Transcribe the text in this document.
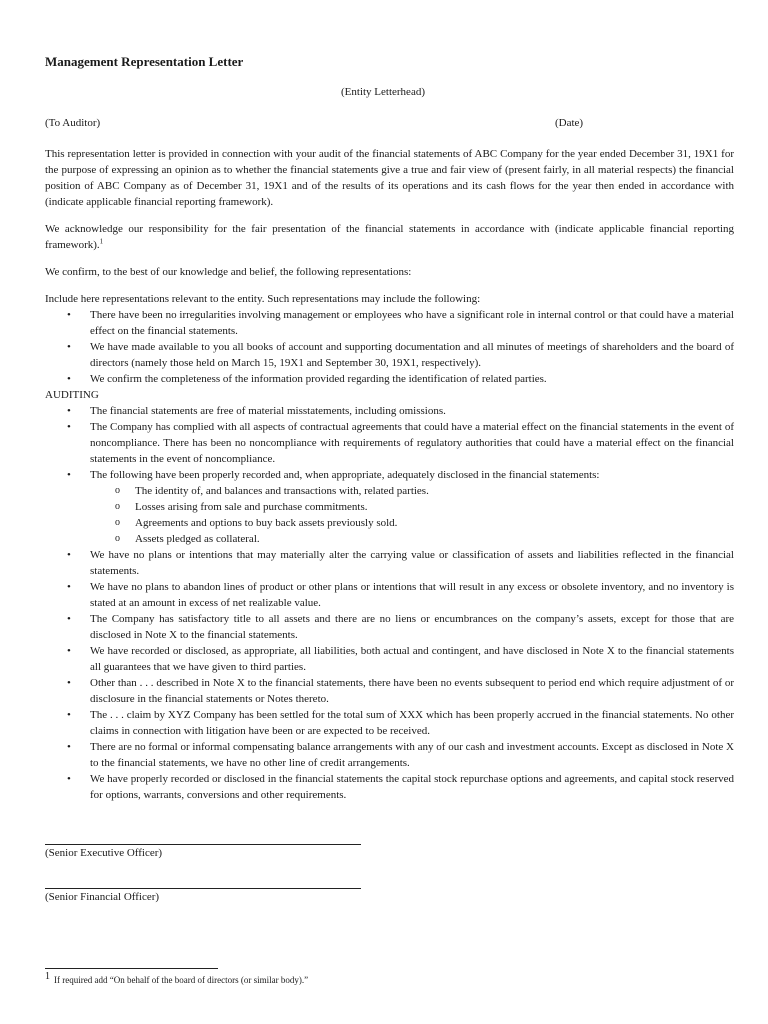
Management Representation Letter
(Entity Letterhead)
(To Auditor)	(Date)

This representation letter is provided in connection with your audit of the financial statements of ABC Company for the year ended December 31, 19X1 for the purpose of expressing an opinion as to whether the financial statements give a true and fair view of (present fairly, in all material respects) the financial position of ABC Company as of December 31, 19X1 and of the results of its operations and its cash flows for the year then ended in accordance with (indicate applicable financial reporting framework).

We acknowledge our responsibility for the fair presentation of the financial statements in accordance with (indicate applicable financial reporting framework).$^1$

We confirm, to the best of our knowledge and belief, the following representations:

Include here representations relevant to the entity. Such representations may include the following:

• There have been no irregularities involving management or employees who have a significant role in internal control or that could have a material effect on the financial statements.
• We have made available to you all books of account and supporting documentation and all minutes of meetings of shareholders and the board of directors (namely those held on March 15, 19X1 and September 30, 19X1, respectively).
• We confirm the completeness of the information provided regarding the identification of related parties.
AUDITING
• The financial statements are free of material misstatements, including omissions.
• The Company has complied with all aspects of contractual agreements that could have a material effect on the financial statements in the event of noncompliance. There has been no noncompliance with requirements of regulatory authorities that could have a material effect on the financial statements in the event of noncompliance.
• The following have been properly recorded and, when appropriate, adequately disclosed in the financial statements:
o The identity of, and balances and transactions with, related parties.
o Losses arising from sale and purchase commitments.
o Agreements and options to buy back assets previously sold.
o Assets pledged as collateral.
• We have no plans or intentions that may materially alter the carrying value or classification of assets and liabilities reflected in the financial statements.
• We have no plans to abandon lines of product or other plans or intentions that will result in any excess or obsolete inventory, and no inventory is stated at an amount in excess of net realizable value.
• The Company has satisfactory title to all assets and there are no liens or encumbrances on the company’s assets, except for those that are disclosed in Note X to the financial statements.
• We have recorded or disclosed, as appropriate, all liabilities, both actual and contingent, and have disclosed in Note X to the financial statements all guarantees that we have given to third parties.
• Other than . . . described in Note X to the financial statements, there have been no events subsequent to period end which require adjustment of or disclosure in the financial statements or Notes thereto.
• The . . . claim by XYZ Company has been settled for the total sum of XXX which has been properly accrued in the financial statements. No other claims in connection with litigation have been or are expected to be received.
• There are no formal or informal compensating balance arrangements with any of our cash and investment accounts. Except as disclosed in Note X to the financial statements, we have no other line of credit arrangements.
• We have properly recorded or disclosed in the financial statements the capital stock repurchase options and agreements, and capital stock reserved for options, warrants, conversions and other requirements.
(Senior Executive Officer)
(Senior Financial Officer)
1 If required add “On behalf of the board of directors (or similar body).”
